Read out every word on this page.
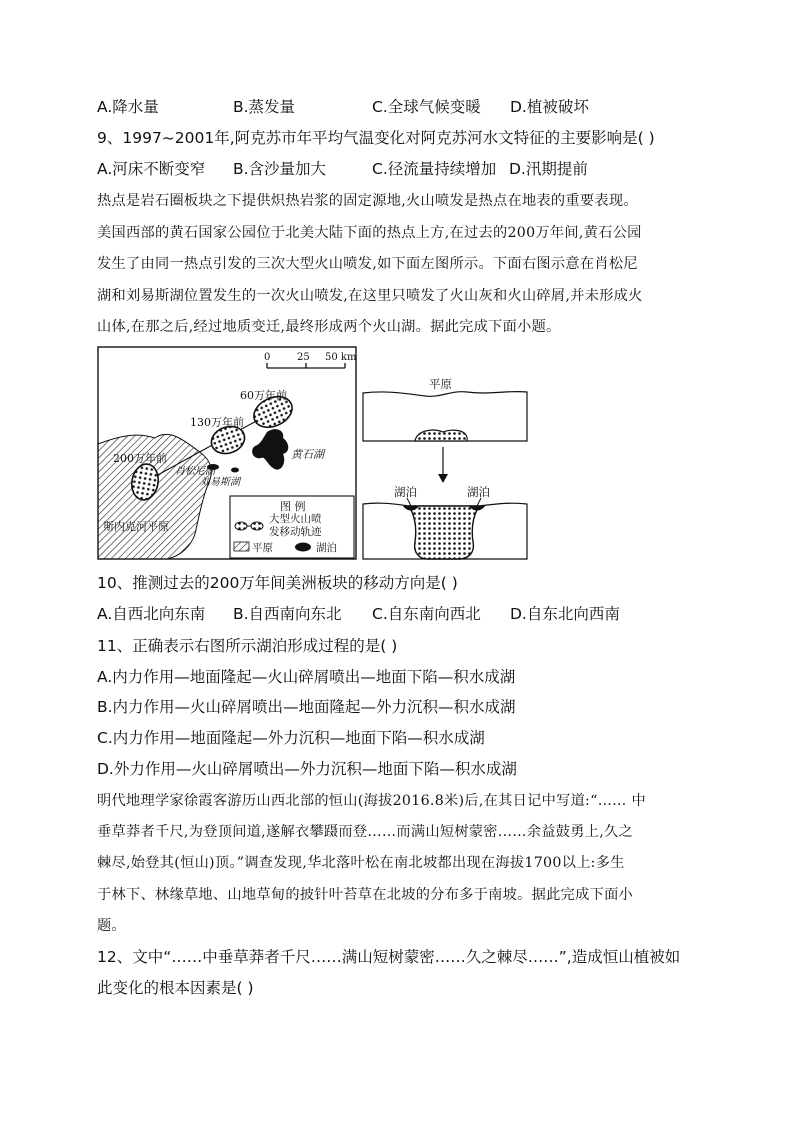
A.降水量	B.蒸发量	C.全球气候变暖 D.植被破坏
9、1997~2001年,阿克苏市年平均气温变化对阿克苏河水文特征的主要影响是( )
A.河床不断变窄 B.含沙量加大	C.径流量持续增加 D.汛期提前
热点是岩石圈板块之下提供炽热岩浆的固定源地,火山喷发是热点在地表的重要表现。
美国西部的黄石国家公园位于北美大陆下面的热点上方,在过去的200万年间,黄石公园
发生了由同一热点引发的三次大型火山喷发,如下面左图所示。下面右图示意在肖松尼
湖和刘易斯湖位置发生的一次火山喷发,在这里只喷发了火山灰和火山碎屑,并未形成火
山体,在那之后,经过地质变迁,最终形成两个火山湖。据此完成下面小题。
0	25 50 km
60万年前
130万年前
200万年前	黄石湖
肖松尼湖
刘易斯湖
斯内克河平原
图 例
大型火山喷
发移动轨迹
平原	湖泊
平原
湖泊	湖泊
10、推测过去的200万年间美洲板块的移动方向是( )
A.自西北向东南 B.自西南向东北 C.自东南向西北 D.自东北向西南
11、正确表示右图所示湖泊形成过程的是( )
A.内力作用—地面隆起—火山碎屑喷出—地面下陷—积水成湖
B.内力作用—火山碎屑喷出—地面隆起—外力沉积—积水成湖
C.内力作用—地面隆起—外力沉积—地面下陷—积水成湖
D.外力作用—火山碎屑喷出—外力沉积—地面下陷—积水成湖
明代地理学家徐霞客游历山西北部的恒山(海拔2016.8米)后,在其日记中写道:“…… 中
垂草莽者千尺,为登顶间道,遂解衣攀蹑而登……而满山短树蒙密……余益鼓勇上,久之
棘尽,始登其(恒山)顶。”调查发现,华北落叶松在南北坡都出现在海拔1700以上:多生
于林下、林缘草地、山地草甸的披针叶苔草在北坡的分布多于南坡。据此完成下面小
题。
12、文中“……中垂草莽者千尺……满山短树蒙密……久之棘尽……”,造成恒山植被如
此变化的根本因素是( )
